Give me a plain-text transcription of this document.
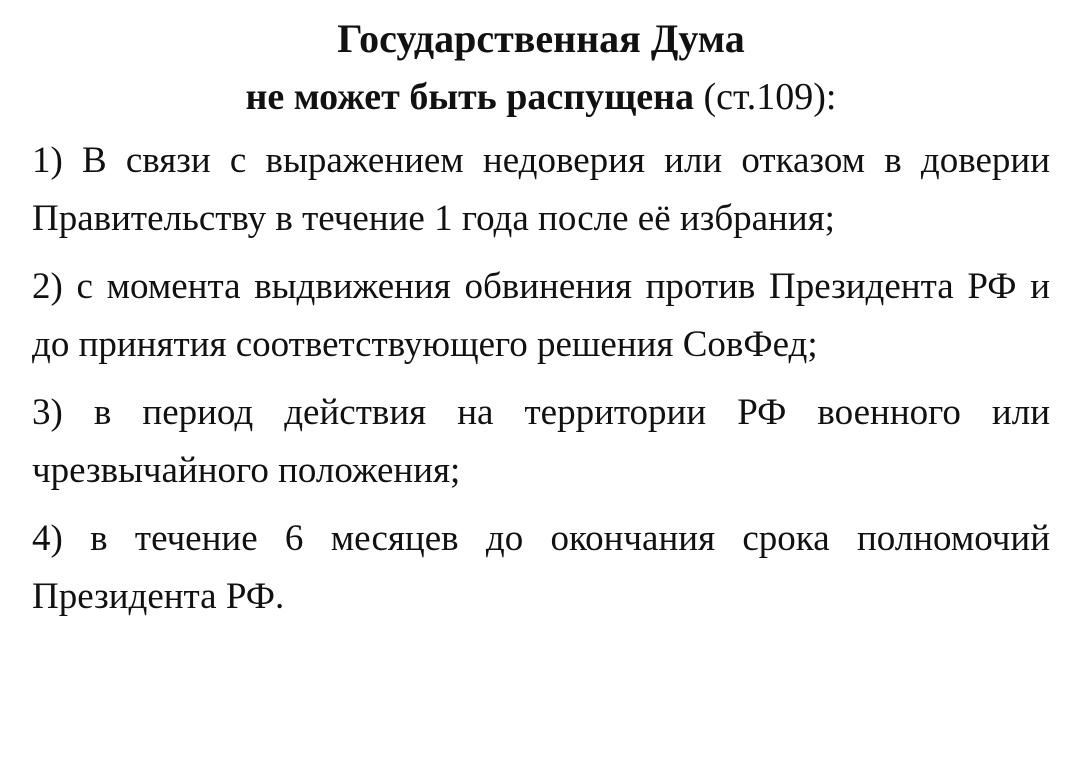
Государственная Дума

не может быть распущена (ст.109):

1) В связи с выражением недоверия или отказом в доверии Правительству в течение 1 года после её избрания;

2) с момента выдвижения обвинения против Президента РФ и до принятия соответствующего решения СовФед;

3) в период действия на территории РФ военного или чрезвычайного положения;

4) в течение 6 месяцев до окончания срока полномочий Президента РФ.
